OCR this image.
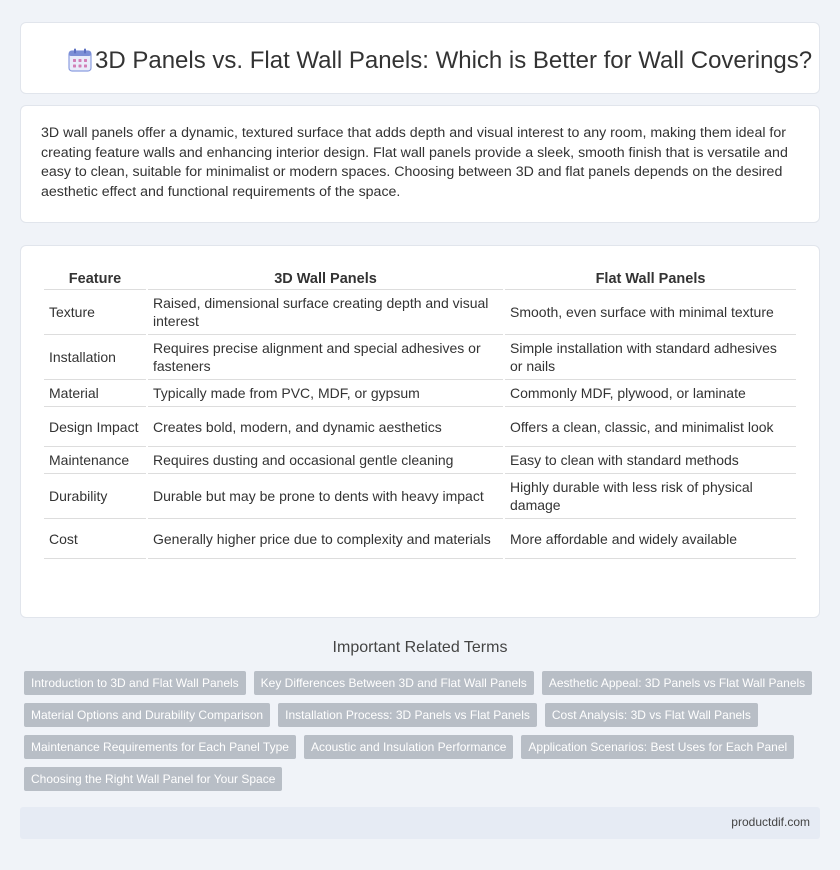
3D Panels vs. Flat Wall Panels: Which is Better for Wall Coverings?

3D wall panels offer a dynamic, textured surface that adds depth and visual interest to any room, making them ideal for creating feature walls and enhancing interior design. Flat wall panels provide a sleek, smooth finish that is versatile and easy to clean, suitable for minimalist or modern spaces. Choosing between 3D and flat panels depends on the desired aesthetic effect and functional requirements of the space.

Feature	3D Wall Panels	Flat Wall Panels
Texture	Raised, dimensional surface creating depth and visual interest	Smooth, even surface with minimal texture
Installation	Requires precise alignment and special adhesives or fasteners	Simple installation with standard adhesives or nails
Material	Typically made from PVC, MDF, or gypsum	Commonly MDF, plywood, or laminate
Design Impact	Creates bold, modern, and dynamic aesthetics	Offers a clean, classic, and minimalist look
Maintenance	Requires dusting and occasional gentle cleaning	Easy to clean with standard methods
Durability	Durable but may be prone to dents with heavy impact	Highly durable with less risk of physical damage
Cost	Generally higher price due to complexity and materials	More affordable and widely available
Important Related Terms
Introduction to 3D and Flat Wall Panels	Key Differences Between 3D and Flat Wall Panels	Aesthetic Appeal: 3D Panels vs Flat Wall Panels
Material Options and Durability Comparison	Installation Process: 3D Panels vs Flat Panels	Cost Analysis: 3D vs Flat Wall Panels
Maintenance Requirements for Each Panel Type	Acoustic and Insulation Performance	Application Scenarios: Best Uses for Each Panel
Choosing the Right Wall Panel for Your Space
productdif.com
